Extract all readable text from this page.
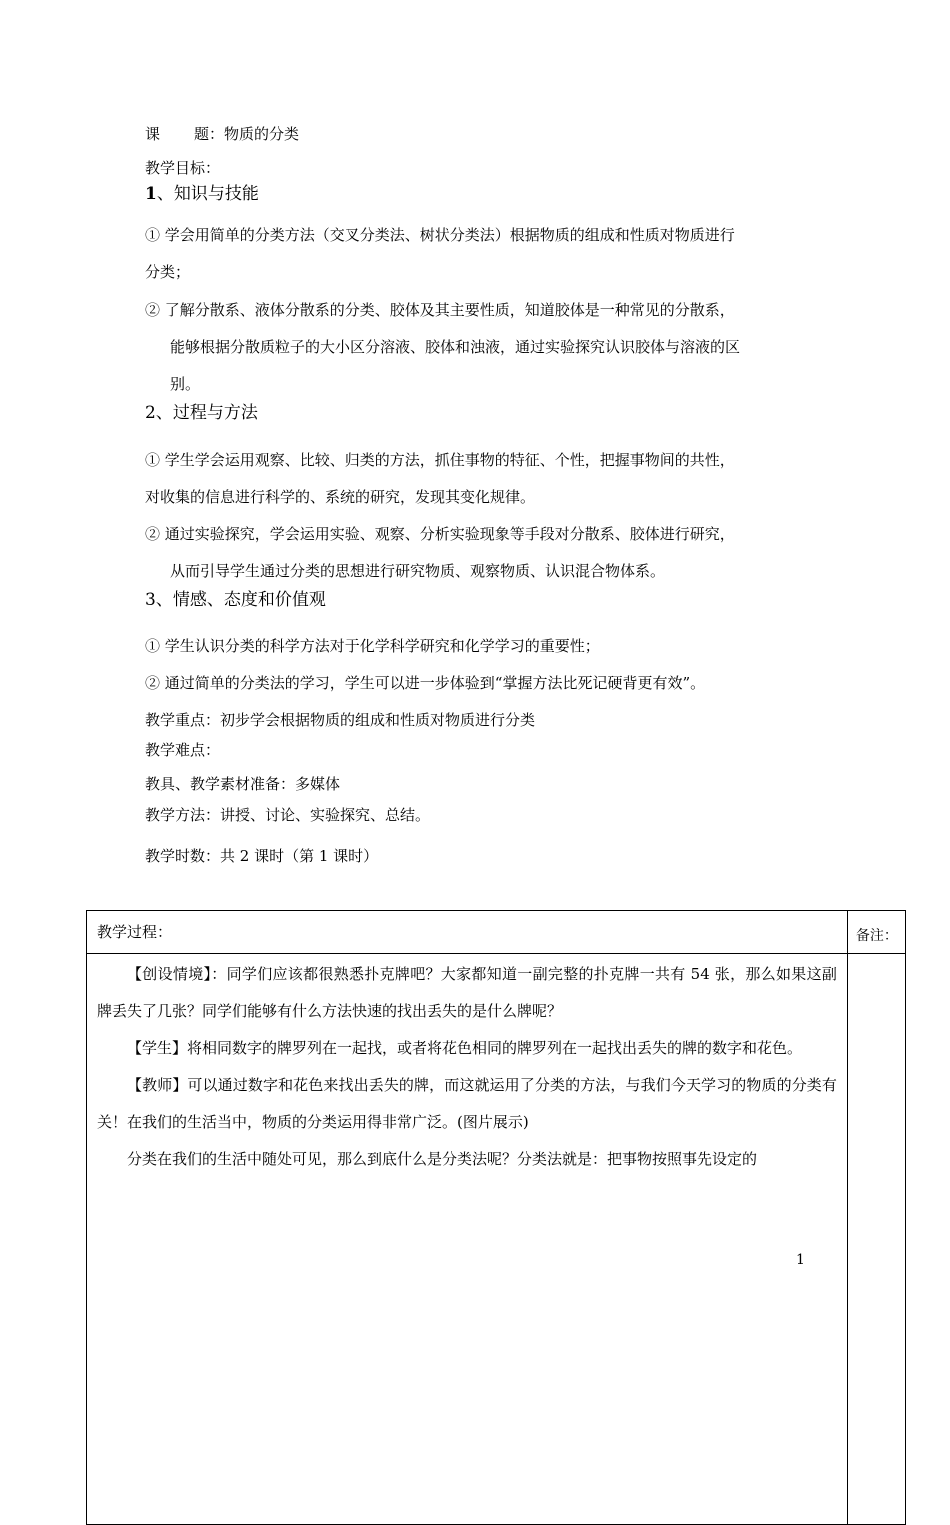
课 题：物质的分类
教学目标：
1、知识与技能
① 学会用简单的分类方法（交叉分类法、树状分类法）根据物质的组成和性质对物质进行
分类；
② 了解分散系、液体分散系的分类、胶体及其主要性质，知道胶体是一种常见的分散系，
能够根据分散质粒子的大小区分溶液、胶体和浊液，通过实验探究认识胶体与溶液的区
别。
2、过程与方法
① 学生学会运用观察、比较、归类的方法，抓住事物的特征、个性，把握事物间的共性，
对收集的信息进行科学的、系统的研究，发现其变化规律。
② 通过实验探究，学会运用实验、观察、分析实验现象等手段对分散系、胶体进行研究，
从而引导学生通过分类的思想进行研究物质、观察物质、认识混合物体系。
3、情感、态度和价值观
① 学生认识分类的科学方法对于化学科学研究和化学学习的重要性；
② 通过简单的分类法的学习，学生可以进一步体验到“掌握方法比死记硬背更有效”。
教学重点：初步学会根据物质的组成和性质对物质进行分类
教学难点：
教具、教学素材准备：多媒体
教学方法：讲授、讨论、实验探究、总结。
教学时数：共 2 课时（第 1 课时）
教学过程：	备注：

【创设情境】：同学们应该都很熟悉扑克牌吧？大家都知道一副完整的扑克牌一共有 54 张，那么如果这副牌丢失了几张？同学们能够有什么方法快速的找出丢失的是什么牌呢？

【学生】将相同数字的牌罗列在一起找，或者将花色相同的牌罗列在一起找出丢失的牌的数字和花色。

【教师】可以通过数字和花色来找出丢失的牌，而这就运用了分类的方法，与我们今天学习的物质的分类有关！在我们的生活当中，物质的分类运用得非常广泛。(图片展示)

分类在我们的生活中随处可见，那么到底什么是分类法呢？分类法就是：把事物按照事先设定的	

1
